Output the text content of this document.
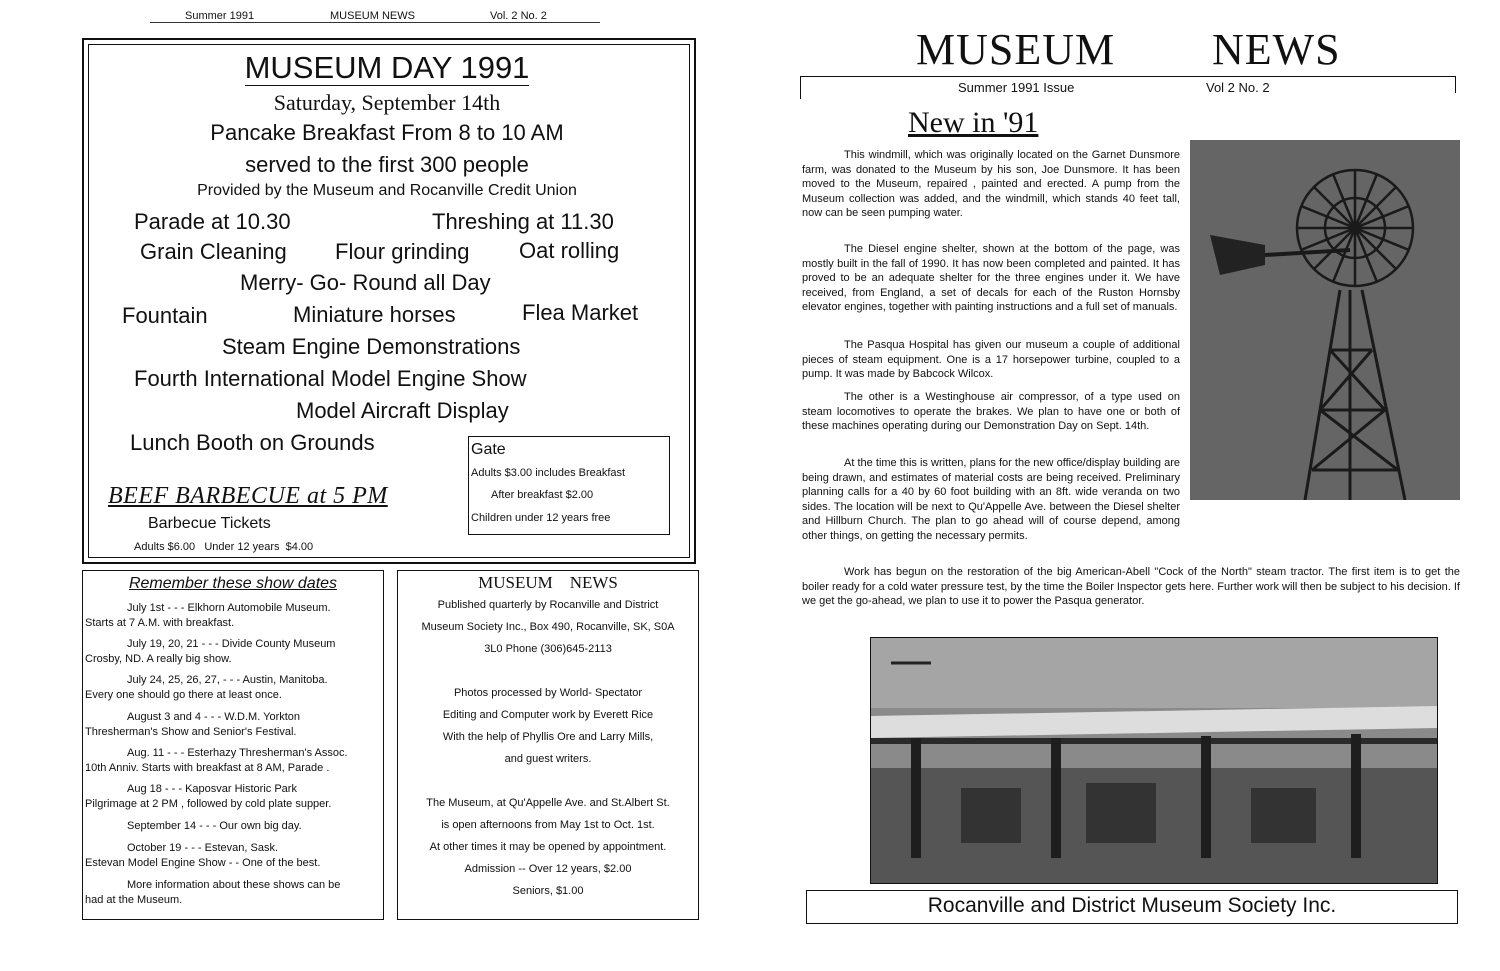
Summer 1991	MUSEUM NEWS	Vol. 2 No. 2
MUSEUM DAY 1991
Saturday, September 14th
Pancake Breakfast From 8 to 10 AM
served to the first 300 people
Provided by the Museum and Rocanville Credit Union
Parade at 10.30	Threshing at 11.30
Grain Cleaning Flour grinding Oat rolling
Merry- Go- Round all Day
Fountain	Miniature horses	Flea Market
Steam Engine Demonstrations
Fourth International Model Engine Show
Model Aircraft Display
Lunch Booth on Grounds
BEEF BARBECUE at 5 PM
Barbecue Tickets
Adults $6.00   Under 12 years  $4.00
Gate
Adults $3.00 includes Breakfast
After breakfast $2.00
Children under 12 years free
Remember these show dates
July 1st - - - Elkhorn Automobile Museum.
Starts at 7 A.M. with breakfast.
July 19, 20, 21 - - - Divide County Museum
Crosby, ND. A really big show.
July 24, 25, 26, 27, - - - Austin, Manitoba.
Every one should go there at least once.
August 3 and 4 - - - W.D.M. Yorkton
Thresherman's Show and Senior's Festival.
Aug. 11 - - - Esterhazy Thresherman's Assoc.
10th Anniv. Starts with breakfast at 8 AM, Parade .
Aug 18 - - - Kaposvar Historic Park
Pilgrimage at 2 PM , followed by cold plate supper.
September 14 - - - Our own big day.
October 19 - - - Estevan, Sask.
Estevan Model Engine Show - - One of the best.
More information about these shows can be
had at the Museum.
MUSEUM    NEWS
Published quarterly by Rocanville and District
Museum Society Inc., Box 490, Rocanville, SK, S0A
3L0 Phone (306)645-2113
Photos processed by World- Spectator
Editing and Computer work by Everett Rice
With the help of Phyllis Ore and Larry Mills,
and guest writers.
The Museum, at Qu'Appelle Ave. and St.Albert St.
is open afternoons from May 1st to Oct. 1st.
At other times it may be opened by appointment.
Admission -- Over 12 years, $2.00
Seniors, $1.00
MUSEUM NEWS
Summer 1991 Issue	Vol 2 No. 2
New in '91
This windmill, which was originally located on the Garnet Dunsmore farm, was donated to the Museum by his son, Joe Dunsmore. It has been moved to the Museum, repaired , painted and erected. A pump from the Museum collection was added, and the windmill, which stands 40 feet tall, now can be seen pumping water.
The Diesel engine shelter, shown at the bottom of the page, was mostly built in the fall of 1990. It has now been completed and painted. It has proved to be an adequate shelter for the three engines under it. We have received, from England, a set of decals for each of the Ruston Hornsby elevator engines, together with painting instructions and a full set of manuals.
The Pasqua Hospital has given our museum a couple of additional pieces of steam equipment. One is a 17 horsepower turbine, coupled to a pump. It was made by Babcock Wilcox.
The other is a Westinghouse air compressor, of a type used on steam locomotives to operate the brakes. We plan to have one or both of these machines operating during our Demonstration Day on Sept. 14th.
At the time this is written, plans for the new office/display building are being drawn, and estimates of material costs are being received. Preliminary planning calls for a 40 by 60 foot building with an 8ft. wide veranda on two sides. The location will be next to Qu'Appelle Ave. between the Diesel shelter and Hillburn Church. The plan to go ahead will of course depend, among other things, on getting the necessary permits.
Work has begun on the restoration of the big American-Abell "Cock of the North" steam tractor. The first item is to get the boiler ready for a cold water pressure test, by the time the Boiler Inspector gets here. Further work will then be subject to his decision. If we get the go-ahead, we plan to use it to power the Pasqua generator.
Rocanville and District Museum Society Inc.
